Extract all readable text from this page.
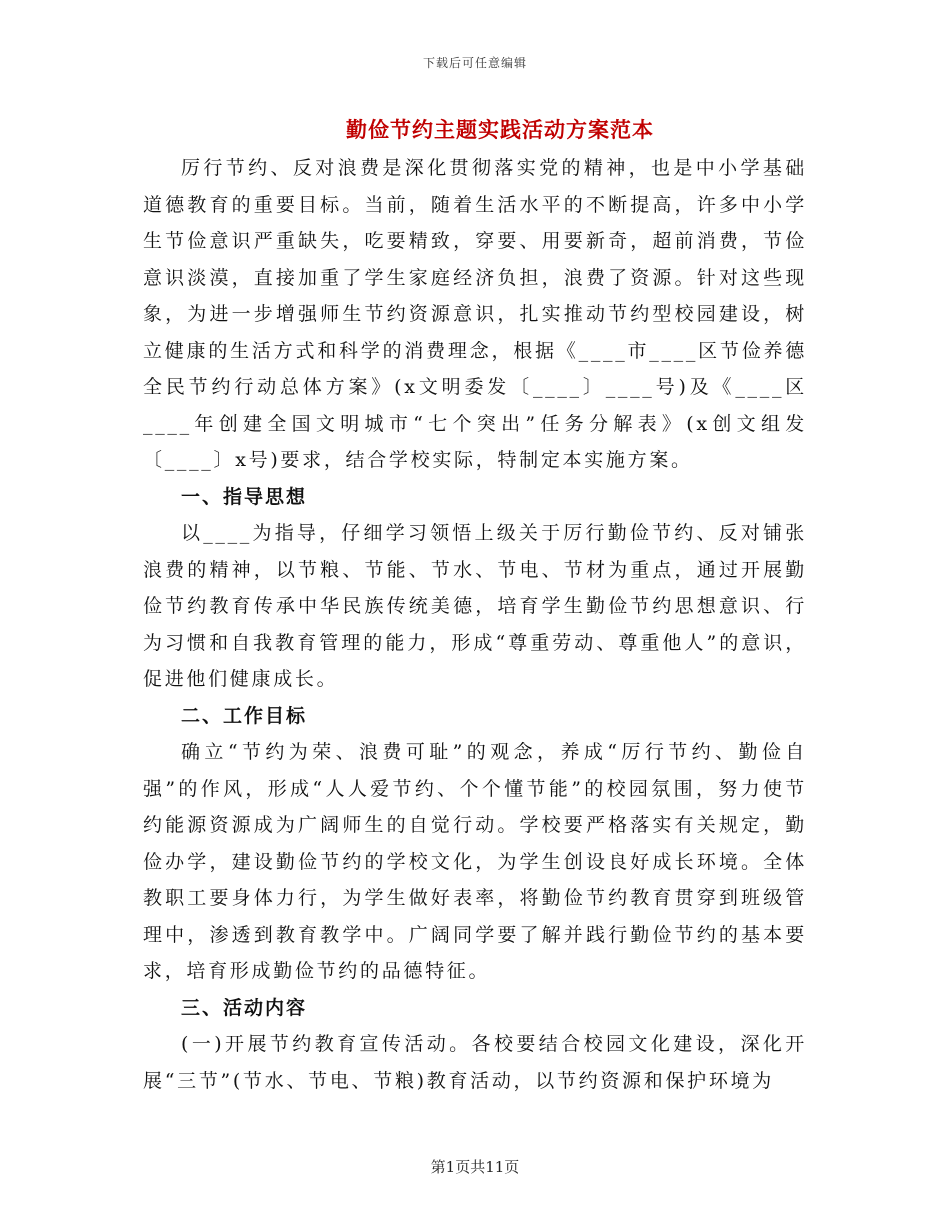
下载后可任意编辑
勤俭节约主题实践活动方案范本

厉行节约、反对浪费是深化贯彻落实党的精神，也是中小学基础道德教育的重要目标。当前，随着生活水平的不断提高，许多中小学生节俭意识严重缺失，吃要精致，穿要、用要新奇，超前消费，节俭意识淡漠，直接加重了学生家庭经济负担，浪费了资源。针对这些现象，为进一步增强师生节约资源意识，扎实推动节约型校园建设，树立健康的生活方式和科学的消费理念，根据《____市____区节俭养德全民节约行动总体方案》(x文明委发〔____〕____号)及《____区____年创建全国文明城市“七个突出”任务分解表》(x创文组发〔____〕x号)要求，结合学校实际，特制定本实施方案。

一、指导思想

以____为指导，仔细学习领悟上级关于厉行勤俭节约、反对铺张浪费的精神，以节粮、节能、节水、节电、节材为重点，通过开展勤俭节约教育传承中华民族传统美德，培育学生勤俭节约思想意识、行为习惯和自我教育管理的能力，形成“尊重劳动、尊重他人”的意识，促进他们健康成长。

二、工作目标

确立“节约为荣、浪费可耻”的观念，养成“厉行节约、勤俭自强”的作风，形成“人人爱节约、个个懂节能”的校园氛围，努力使节约能源资源成为广阔师生的自觉行动。学校要严格落实有关规定，勤俭办学，建设勤俭节约的学校文化，为学生创设良好成长环境。全体教职工要身体力行，为学生做好表率，将勤俭节约教育贯穿到班级管理中，渗透到教育教学中。广阔同学要了解并践行勤俭节约的基本要求，培育形成勤俭节约的品德特征。

三、活动内容

(一)开展节约教育宣传活动。各校要结合校园文化建设，深化开展“三节”(节水、节电、节粮)教育活动，以节约资源和保护环境为

第1页共11页
